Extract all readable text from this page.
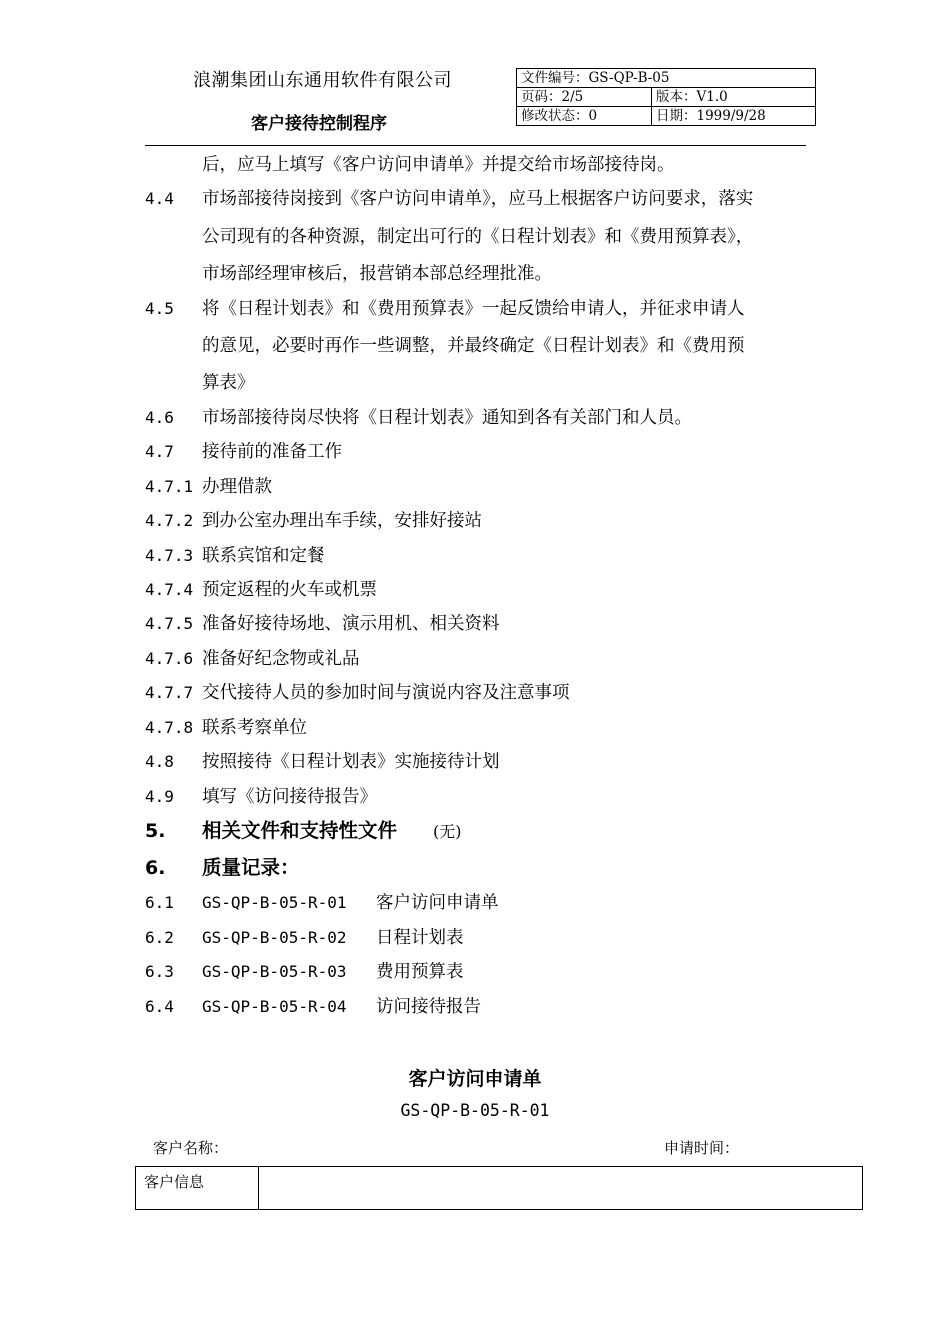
浪潮集团山东通用软件有限公司
客户接待控制程序
文件编号：GS-QP-B-05	
页码：2/5	版本：V1.0
修改状态：0	日期：1999/9/28
后，应马上填写《客户访问申请单》并提交给市场部接待岗。
4.4 市场部接待岗接到《客户访问申请单》，应马上根据客户访问要求，落实
公司现有的各种资源，制定出可行的《日程计划表》和《费用预算表》，
市场部经理审核后，报营销本部总经理批准。
4.5 将《日程计划表》和《费用预算表》一起反馈给申请人，并征求申请人
的意见，必要时再作一些调整，并最终确定《日程计划表》和《费用预
算表》
4.6 市场部接待岗尽快将《日程计划表》通知到各有关部门和人员。
4.7 接待前的准备工作
4.7.1 办理借款
4.7.2 到办公室办理出车手续，安排好接站
4.7.3 联系宾馆和定餐
4.7.4 预定返程的火车或机票
4.7.5 准备好接待场地、演示用机、相关资料
4.7.6 准备好纪念物或礼品
4.7.7 交代接待人员的参加时间与演说内容及注意事项
4.7.8 联系考察单位
4.8 按照接待《日程计划表》实施接待计划
4.9 填写《访问接待报告》
5. 相关文件和支持性文件 (无)
6. 质量记录：
6.1 GS-QP-B-05-R-01 客户访问申请单
6.2 GS-QP-B-05-R-02 日程计划表
6.3 GS-QP-B-05-R-03 费用预算表
6.4 GS-QP-B-05-R-04 访问接待报告
客户访问申请单
GS-QP-B-05-R-01
客户名称：	申请时间：
客户信息	
